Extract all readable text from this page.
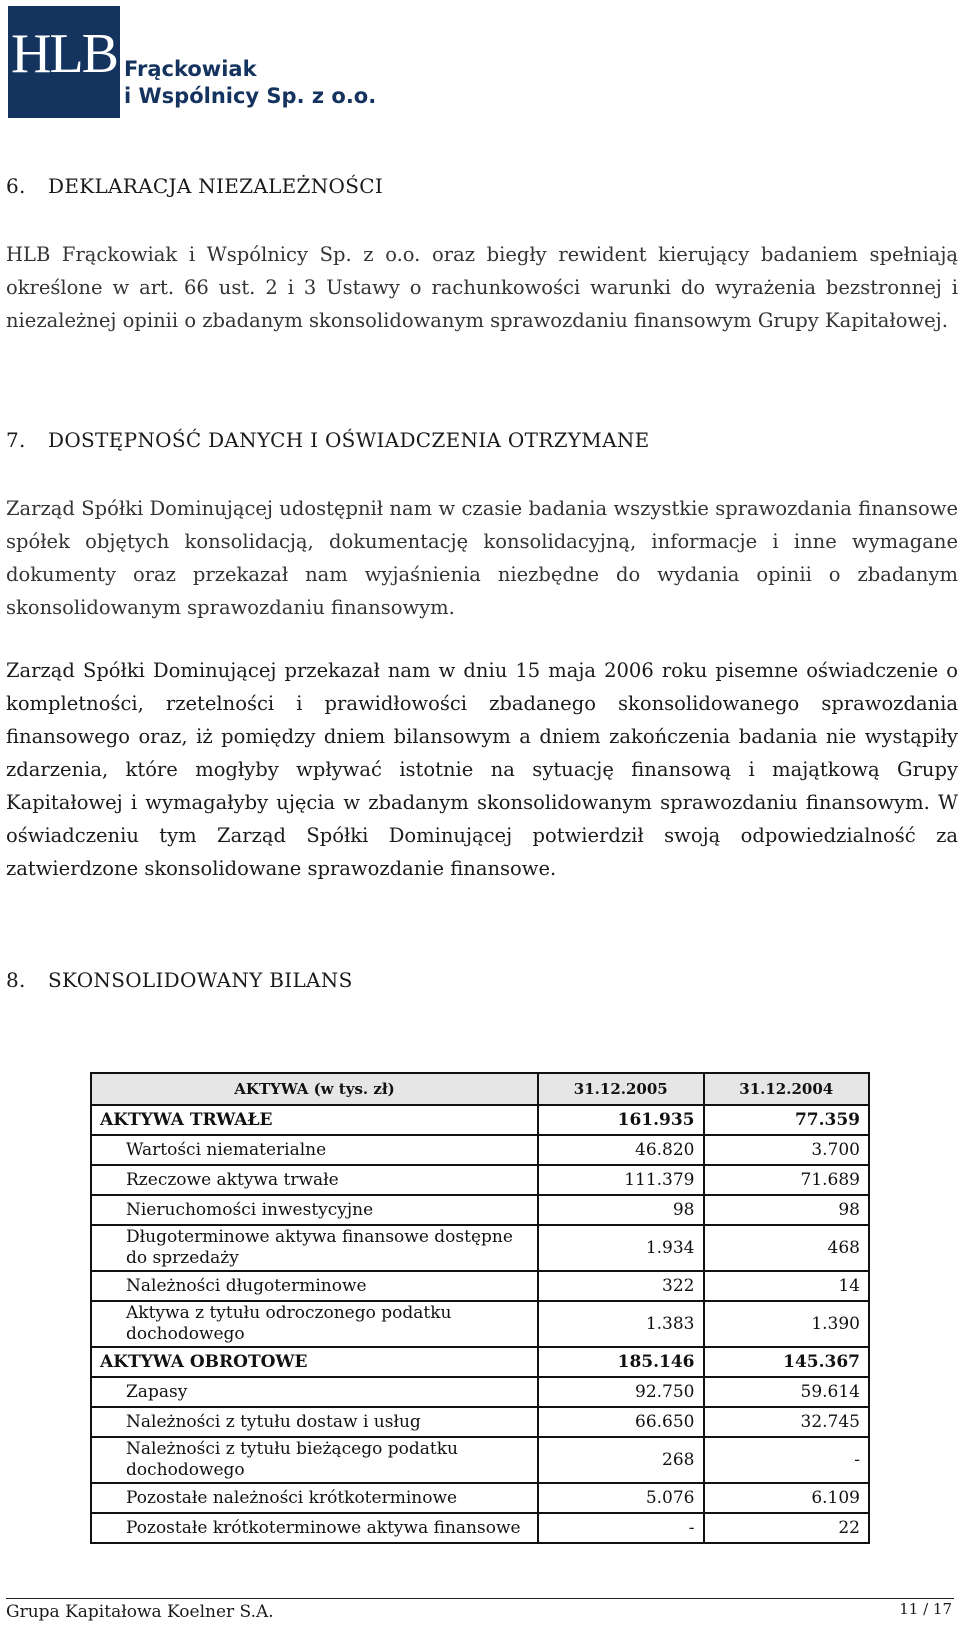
HLB Frąckowiak
i Wspólnicy Sp. z o.o.
6. DEKLARACJA NIEZALEŻNOŚCI
HLB Frąckowiak i Wspólnicy Sp. z o.o. oraz biegły rewident kierujący badaniem spełniają określone w art. 66 ust. 2 i 3 Ustawy o rachunkowości warunki do wyrażenia bezstronnej i niezależnej opinii o zbadanym skonsolidowanym sprawozdaniu finansowym Grupy Kapitałowej.
7. DOSTĘPNOŚĆ DANYCH I OŚWIADCZENIA OTRZYMANE
Zarząd Spółki Dominującej udostępnił nam w czasie badania wszystkie sprawozdania finansowe spółek objętych konsolidacją, dokumentację konsolidacyjną, informacje i inne wymagane dokumenty oraz przekazał nam wyjaśnienia niezbędne do wydania opinii o zbadanym skonsolidowanym sprawozdaniu finansowym.
Zarząd Spółki Dominującej przekazał nam w dniu 15 maja 2006 roku pisemne oświadczenie o kompletności, rzetelności i prawidłowości zbadanego skonsolidowanego sprawozdania finansowego oraz, iż pomiędzy dniem bilansowym a dniem zakończenia badania nie wystąpiły zdarzenia, które mogłyby wpływać istotnie na sytuację finansową i majątkową Grupy Kapitałowej i wymagałyby ujęcia w zbadanym skonsolidowanym sprawozdaniu finansowym. W oświadczeniu tym Zarząd Spółki Dominującej potwierdził swoją odpowiedzialność za zatwierdzone skonsolidowane sprawozdanie finansowe.
8. SKONSOLIDOWANY BILANS
AKTYWA (w tys. zł)	31.12.2005	31.12.2004
AKTYWA TRWAŁE	161.935	77.359
Wartości niematerialne	46.820	3.700
Rzeczowe aktywa trwałe	111.379	71.689
Nieruchomości inwestycyjne	98	98
Długoterminowe aktywa finansowe dostępne do sprzedaży	1.934	468
Należności długoterminowe	322	14
Aktywa z tytułu odroczonego podatku dochodowego	1.383	1.390
AKTYWA OBROTOWE	185.146	145.367
Zapasy	92.750	59.614
Należności z tytułu dostaw i usług	66.650	32.745
Należności z tytułu bieżącego podatku dochodowego	268	-
Pozostałe należności krótkoterminowe	5.076	6.109
Pozostałe krótkoterminowe aktywa finansowe	-	22
Grupa Kapitałowa Koelner S.A.	11 / 17
